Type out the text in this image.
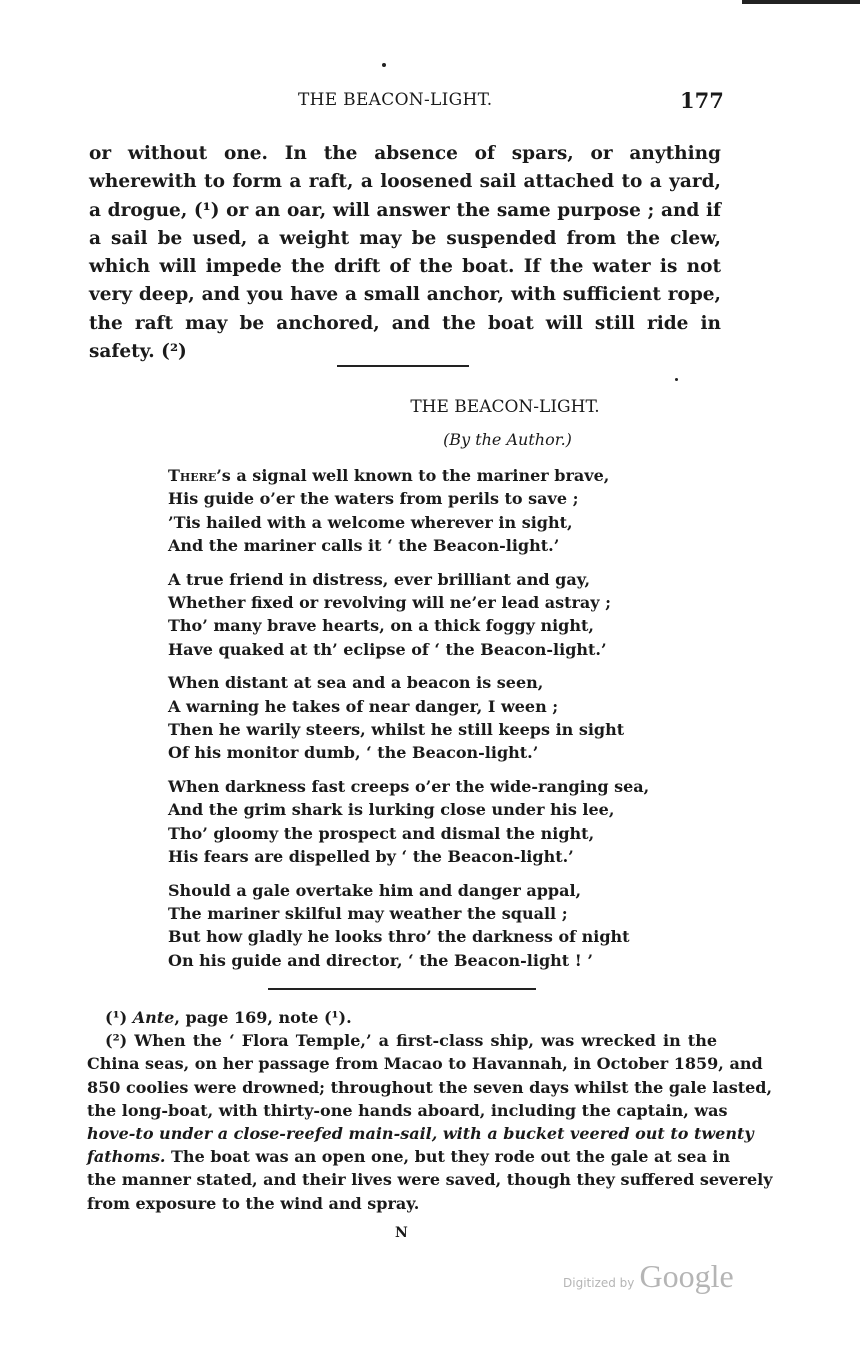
THE BEACON-LIGHT.	177
or without one. In the absence of spars, or anything
wherewith to form a raft, a loosened sail attached to a yard,
a drogue, (¹) or an oar, will answer the same purpose ; and if
a sail be used, a weight may be suspended from the clew,
which will impede the drift of the boat. If the water is not
very deep, and you have a small anchor, with sufficient rope,
the raft may be anchored, and the boat will still ride in
safety. (²)
THE BEACON-LIGHT.
(By the Author.)
There’s a signal well known to the mariner brave,
His guide o’er the waters from perils to save ;
’Tis hailed with a welcome wherever in sight,
And the mariner calls it ‘ the Beacon-light.’
A true friend in distress, ever brilliant and gay,
Whether fixed or revolving will ne’er lead astray ;
Tho’ many brave hearts, on a thick foggy night,
Have quaked at th’ eclipse of ‘ the Beacon-light.’
When distant at sea and a beacon is seen,
A warning he takes of near danger, I ween ;
Then he warily steers, whilst he still keeps in sight
Of his monitor dumb, ‘ the Beacon-light.’
When darkness fast creeps o’er the wide-ranging sea,
And the grim shark is lurking close under his lee,
Tho’ gloomy the prospect and dismal the night,
His fears are dispelled by ‘ the Beacon-light.’
Should a gale overtake him and danger appal,
The mariner skilful may weather the squall ;
But how gladly he looks thro’ the darkness of night
On his guide and director, ‘ the Beacon-light ! ’
(¹) Ante, page 169, note (¹).
(²) When the ‘ Flora Temple,’ a first-class ship, was wrecked in the
China seas, on her passage from Macao to Havannah, in October 1859, and
850 coolies were drowned; throughout the seven days whilst the gale lasted,
the long-boat, with thirty-one hands aboard, including the captain, was
hove-to under a close-reefed main-sail, with a bucket veered out to twenty
fathoms. The boat was an open one, but they rode out the gale at sea in
the manner stated, and their lives were saved, though they suffered severely
from exposure to the wind and spray.
N
Digitized by Google
